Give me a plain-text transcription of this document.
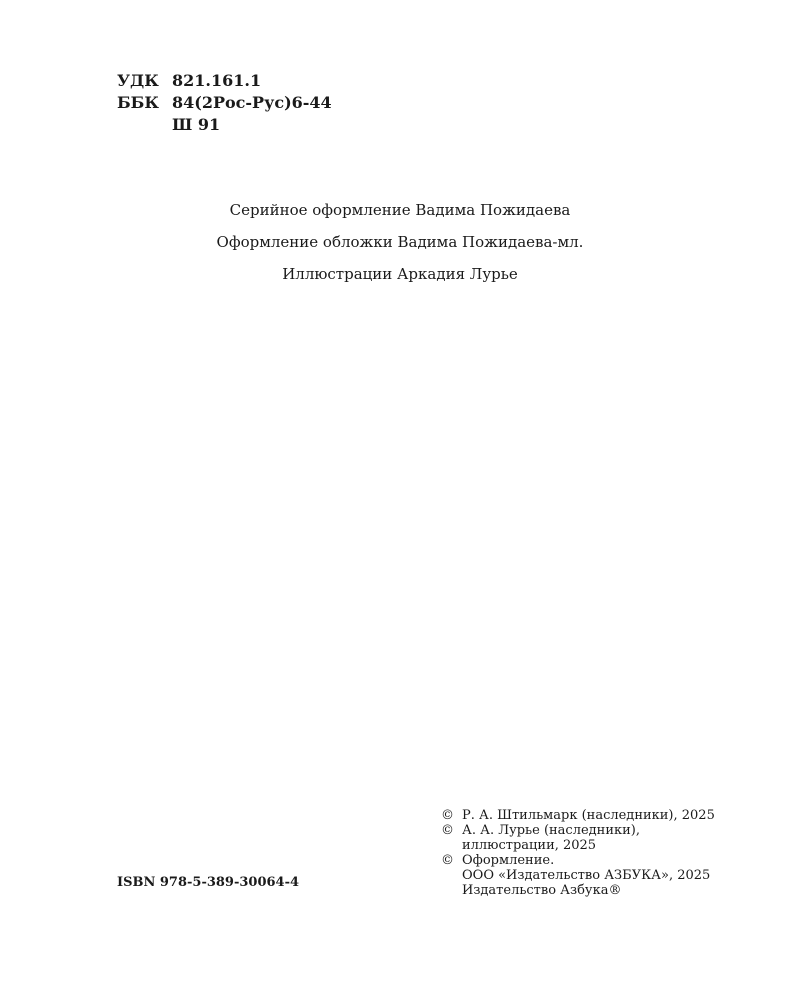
УДК 821.161.1
ББК 84(2Рос-Рус)6-44
Ш 91
Серийное оформление Вадима Пожидаева
Оформление обложки Вадима Пожидаева-мл.
Иллюстрации Аркадия Лурье
ISBN 978-5-389-30064-4
© Р. А. Штильмарк (наследники), 2025
© А. А. Лурье (наследники),
иллюстрации, 2025
© Оформление.
ООО «Издательство АЗБУКА», 2025
Издательство Азбука®
